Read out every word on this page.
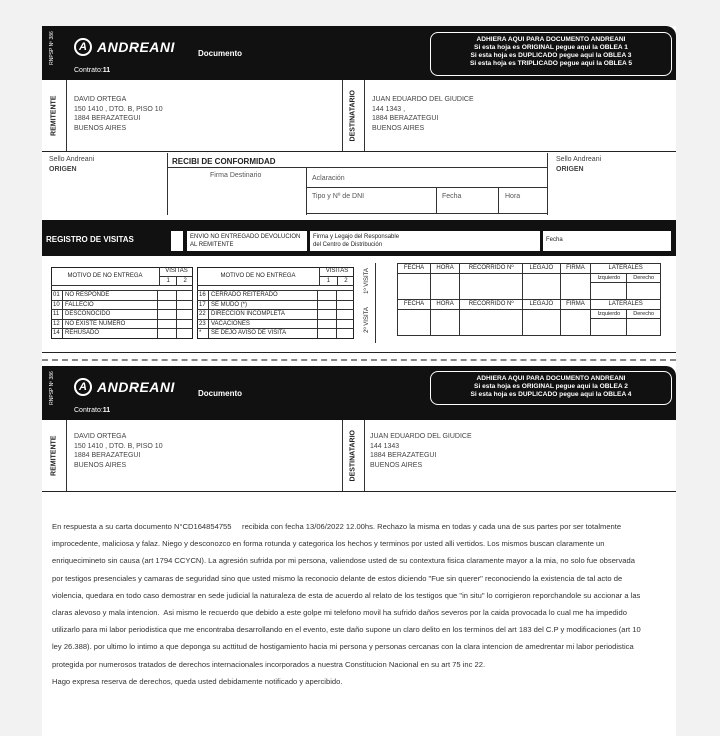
RNPSP Nº 386	A ANDREANI	Documento
Contrato:11
ADHIERA AQUI PARA DOCUMENTO ANDREANI
Si esta hoja es ORIGINAL pegue aqui la OBLEA 1
Si esta hoja es DUPLICADO pegue aqui la OBLEA 3
Si esta hoja es TRIPLICADO pegue aqui la OBLEA 5
REMITENTE DAVID ORTEGA
150 1410 , DTO. B, PISO 10
1884 BERAZATEGUI
BUENOS AIRES	DESTINATARIO JUAN EDUARDO DEL GIUDICE
144 1343 ,
1884 BERAZATEGUI
BUENOS AIRES
Sello Andreani
ORIGEN
Sello Andreani
ORIGEN
RECIBI DE CONFORMIDAD
Firma Destinario	Aclaración
Tipo y Nº de DNI	Fecha	Hora
REGISTRO DE VISITAS	ENVIO NO ENTREGADO DEVOLUCION
AL REMITENTE
Firma y Legajo del Responsable
del Centro de Distribución
Fecha
MOTIVO DE NO ENTREGA	VISITAS	
	1	2
01	NO RESPONDE		
10	FALLECIO		
11	DESCONOCIDO		
12	NO EXISTE NUMERO		
14	REHUSADO		
MOTIVO DE NO ENTREGA	VISITAS	
	1	2
16	CERRADO REITERADO		
17	SE MUDO (*)		
22	DIRECCION INCOMPLETA		
23	VACACIONES		
*	SE DEJO AVISO DE VISITA		
1º VISITA
2º VISITA
FECHA	HORA	RECORRIDO Nº	LEGAJO	FIRMA	LATERALES	
					Izquierdo	Derecho

FECHA	HORA	RECORRIDO Nº	LEGAJO	FIRMA	LATERALES	
					Izquierdo	Derecho

RNPSP Nº 386	A ANDREANI	Documento
Contrato:11
ADHIERA AQUI PARA DOCUMENTO ANDREANI
Si esta hoja es ORIGINAL pegue aqui la OBLEA 2
Si esta hoja es DUPLICADO pegue aqui la OBLEA 4
REMITENTE DAVID ORTEGA
150 1410 , DTO. B, PISO 10
1884 BERAZATEGUI
BUENOS AIRES	DESTINATARIO JUAN EDUARDO DEL GIUDICE
144 1343
1884 BERAZATEGUI
BUENOS AIRES
En respuesta a su carta documento N°CD164854755     recibida con fecha 13/06/2022 12.00hs. Rechazo la misma en todas y cada una de sus partes por ser totalmente improcedente, maliciosa y falaz. Niego y desconozco en forma rotunda y categorica los hechos y terminos por usted alli vertidos. Los mismos buscan claramente un enriquecimineto sin causa (art 1794 CCYCN). La agresión sufrida por mi persona, valiendose usted de su contextura fisica claramente mayor a la mia, no solo fue observada por testigos presenciales y camaras de seguridad sino que usted mismo la reconocio delante de estos diciendo "Fue sin querer" reconociendo la existencia de tal acto de violencia, quedara en todo caso demostrar en sede judicial la naturaleza de esta de acuerdo al relato de los testigos que "in situ" lo corrigieron reporchandole su accionar a las claras alevoso y mala intencion.  Asi mismo le recuerdo que debido a este golpe mi telefono movil ha sufrido daños severos por la caida provocada lo cual me ha impedido utilizarlo para mi labor periodistica que me encontraba desarrollando en el evento, este daño supone un claro delito en los terminos del art 183 del C.P y modificaciones (art 10 ley 26.388). por ultimo lo intimo a que deponga su acttitud de hostigamiento hacia mi persona y personas cercanas con la clara intencion de amedrentar mi labor periodistica protegida por numerosos tratados de derechos internacionales incorporados a nuestra Constitucion Nacional en su art 75 inc 22.
Hago expresa reserva de derechos, queda usted debidamente notificado y apercibido.
